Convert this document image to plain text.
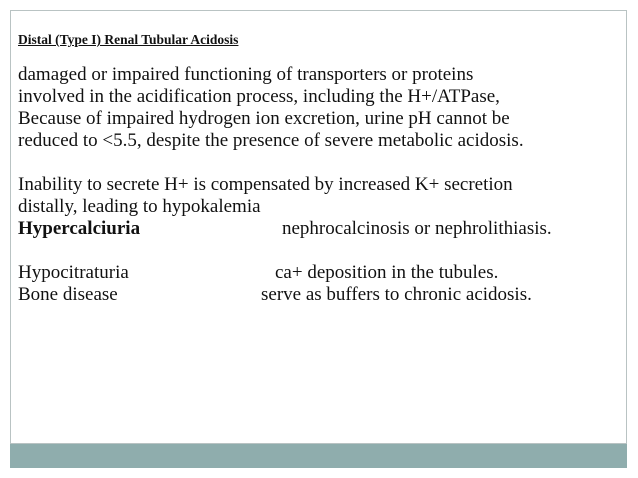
Distal (Type I) Renal Tubular Acidosis

damaged or impaired functioning of transporters or proteins

involved in the acidification process, including the H+/ATPase,

Because of impaired hydrogen ion excretion, urine pH cannot be

reduced to <5.5, despite the presence of severe metabolic acidosis.

Inability to secrete H+ is compensated by increased K+ secretion

distally, leading to hypokalemia

Hypercalciuria	nephrocalcinosis or nephrolithiasis.
Hypocitraturia	ca+ deposition in the tubules.
Bone disease	serve as buffers to chronic acidosis.
